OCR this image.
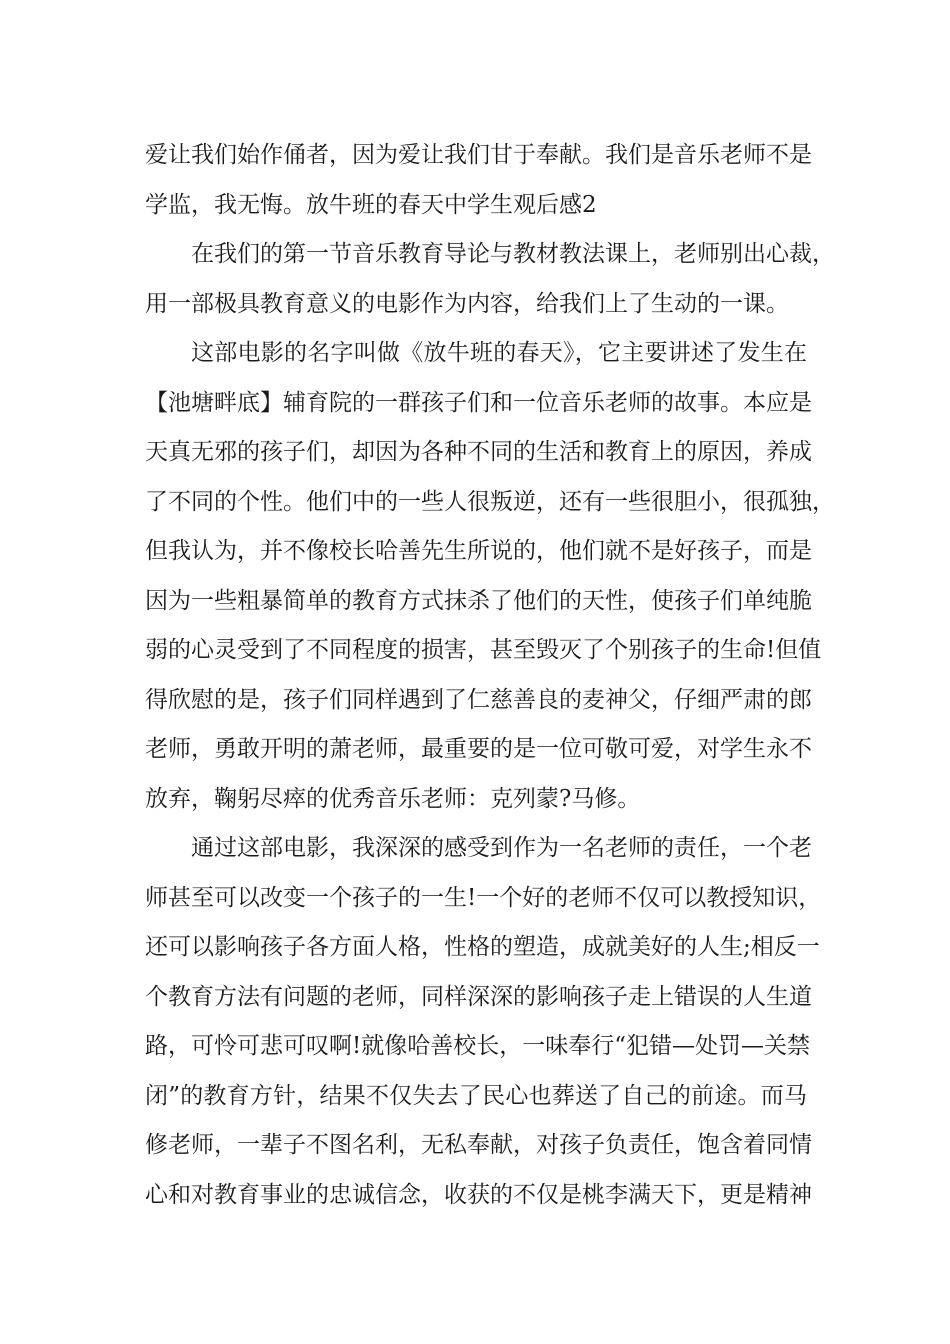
爱让我们始作俑者，因为爱让我们甘于奉献。我们是音乐老师不是
学监，我无悔。放牛班的春天中学生观后感2
在我们的第一节音乐教育导论与教材教法课上，老师别出心裁，
用一部极具教育意义的电影作为内容，给我们上了生动的一课。
这部电影的名字叫做《放牛班的春天》，它主要讲述了发生在
【池塘畔底】辅育院的一群孩子们和一位音乐老师的故事。本应是
天真无邪的孩子们，却因为各种不同的生活和教育上的原因，养成
了不同的个性。他们中的一些人很叛逆，还有一些很胆小，很孤独，
但我认为，并不像校长哈善先生所说的，他们就不是好孩子，而是
因为一些粗暴简单的教育方式抹杀了他们的天性，使孩子们单纯脆
弱的心灵受到了不同程度的损害，甚至毁灭了个别孩子的生命!但值
得欣慰的是，孩子们同样遇到了仁慈善良的麦神父，仔细严肃的郎
老师，勇敢开明的萧老师，最重要的是一位可敬可爱，对学生永不
放弃，鞠躬尽瘁的优秀音乐老师：克列蒙?马修。
通过这部电影，我深深的感受到作为一名老师的责任，一个老
师甚至可以改变一个孩子的一生!一个好的老师不仅可以教授知识，
还可以影响孩子各方面人格，性格的塑造，成就美好的人生;相反一
个教育方法有问题的老师，同样深深的影响孩子走上错误的人生道
路，可怜可悲可叹啊!就像哈善校长，一味奉行“犯错—处罚—关禁
闭”的教育方针，结果不仅失去了民心也葬送了自己的前途。而马
修老师，一辈子不图名利，无私奉献，对孩子负责任，饱含着同情
心和对教育事业的忠诚信念，收获的不仅是桃李满天下，更是精神
